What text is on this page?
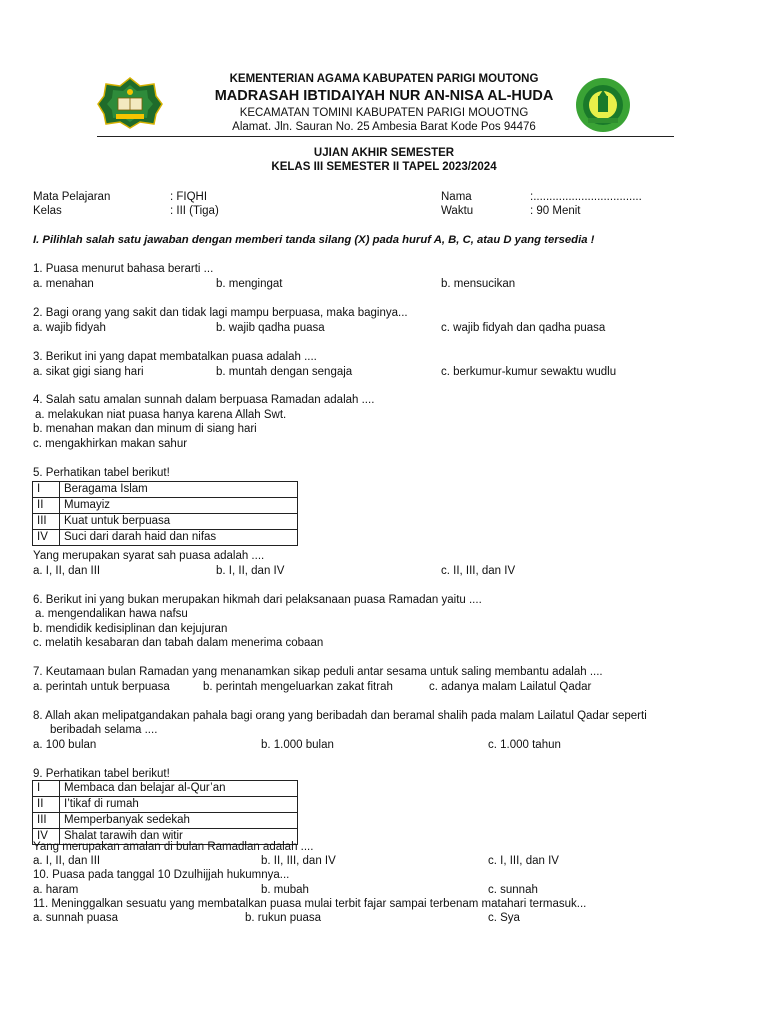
KEMENTERIAN AGAMA KABUPATEN PARIGI MOUTONG
MADRASAH IBTIDAIYAH NUR AN-NISA AL-HUDA
KECAMATAN TOMINI KABUPATEN PARIGI MOUOTNG
Alamat. Jln. Sauran No. 25 Ambesia Barat Kode Pos 94476
UJIAN AKHIR SEMESTER
KELAS III SEMESTER II TAPEL 2023/2024
Mata Pelajaran	: FIQHI
Kelas	: III (Tiga)
Nama	:..................................
Waktu	: 90 Menit
I. Pilihlah salah satu jawaban dengan memberi tanda silang (X) pada huruf A, B, C, atau D yang tersedia !
1. Puasa menurut bahasa berarti ...
a. menahan	b. mengingat	b. mensucikan
2. Bagi orang yang sakit dan tidak lagi mampu berpuasa, maka baginya...
a. wajib fidyah	b. wajib qadha puasa	c. wajib fidyah dan qadha puasa
3. Berikut ini yang dapat membatalkan puasa adalah ....
a. sikat gigi siang hari	b. muntah dengan sengaja	c. berkumur-kumur sewaktu wudlu
4. Salah satu amalan sunnah dalam berpuasa Ramadan adalah ....
a. melakukan niat puasa hanya karena Allah Swt.
b. menahan makan dan minum di siang hari
c. mengakhirkan makan sahur
5. Perhatikan tabel berikut!
I	Beragama Islam
II	Mumayiz
III	Kuat untuk berpuasa
IV	Suci dari darah haid dan nifas
Yang merupakan syarat sah puasa adalah ....
a. I, II, dan III	b. I, II, dan IV	c. II, III, dan IV
6. Berikut ini yang bukan merupakan hikmah dari pelaksanaan puasa Ramadan yaitu ....
a. mengendalikan hawa nafsu
b. mendidik kedisiplinan dan kejujuran
c. melatih kesabaran dan tabah dalam menerima cobaan
7. Keutamaan bulan Ramadan yang menanamkan sikap peduli antar sesama untuk saling membantu adalah ....
a. perintah untuk berpuasa	b. perintah mengeluarkan zakat fitrah	c. adanya malam Lailatul Qadar
8. Allah akan melipatgandakan pahala bagi orang yang beribadah dan beramal shalih pada malam Lailatul Qadar seperti
beribadah selama ....
a. 100 bulan	b. 1.000 bulan	c. 1.000 tahun
9. Perhatikan tabel berikut!
I	Membaca dan belajar al-Qur’an
II	I’tikaf di rumah
III	Memperbanyak sedekah
IV	Shalat tarawih dan witir
Yang merupakan amalan di bulan Ramadlan adalah ....
a. I, II, dan III	b. II, III, dan IV	c. I, III, dan IV
10. Puasa pada tanggal 10 Dzulhijjah hukumnya...
a. haram	b. mubah	c. sunnah
11. Meninggalkan sesuatu yang membatalkan puasa mulai terbit fajar sampai terbenam matahari termasuk...
a. sunnah puasa	b. rukun puasa	c. Sya
